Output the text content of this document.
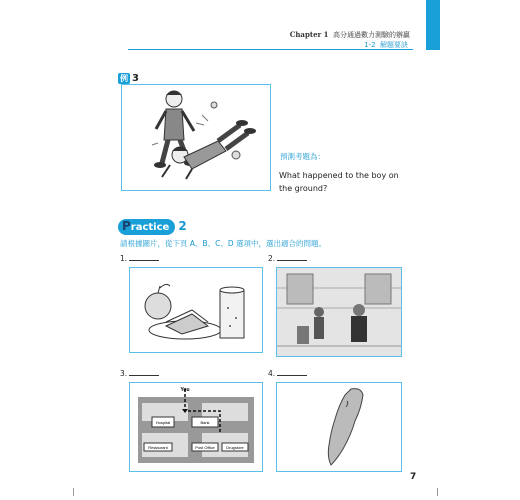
Chapter 1 高分通過數力測驗的辦贏
1-2 解題要訣
例 3
預測考題為：
What happened to the boy on the ground?
Practice 2
請根據圖片，從下頁 A、B、C、D 選項中，選出適合的問題。
1.	2.
3.
You
Hospital	Bank
Restaurant	Post Office	Drugstore
4.
7
